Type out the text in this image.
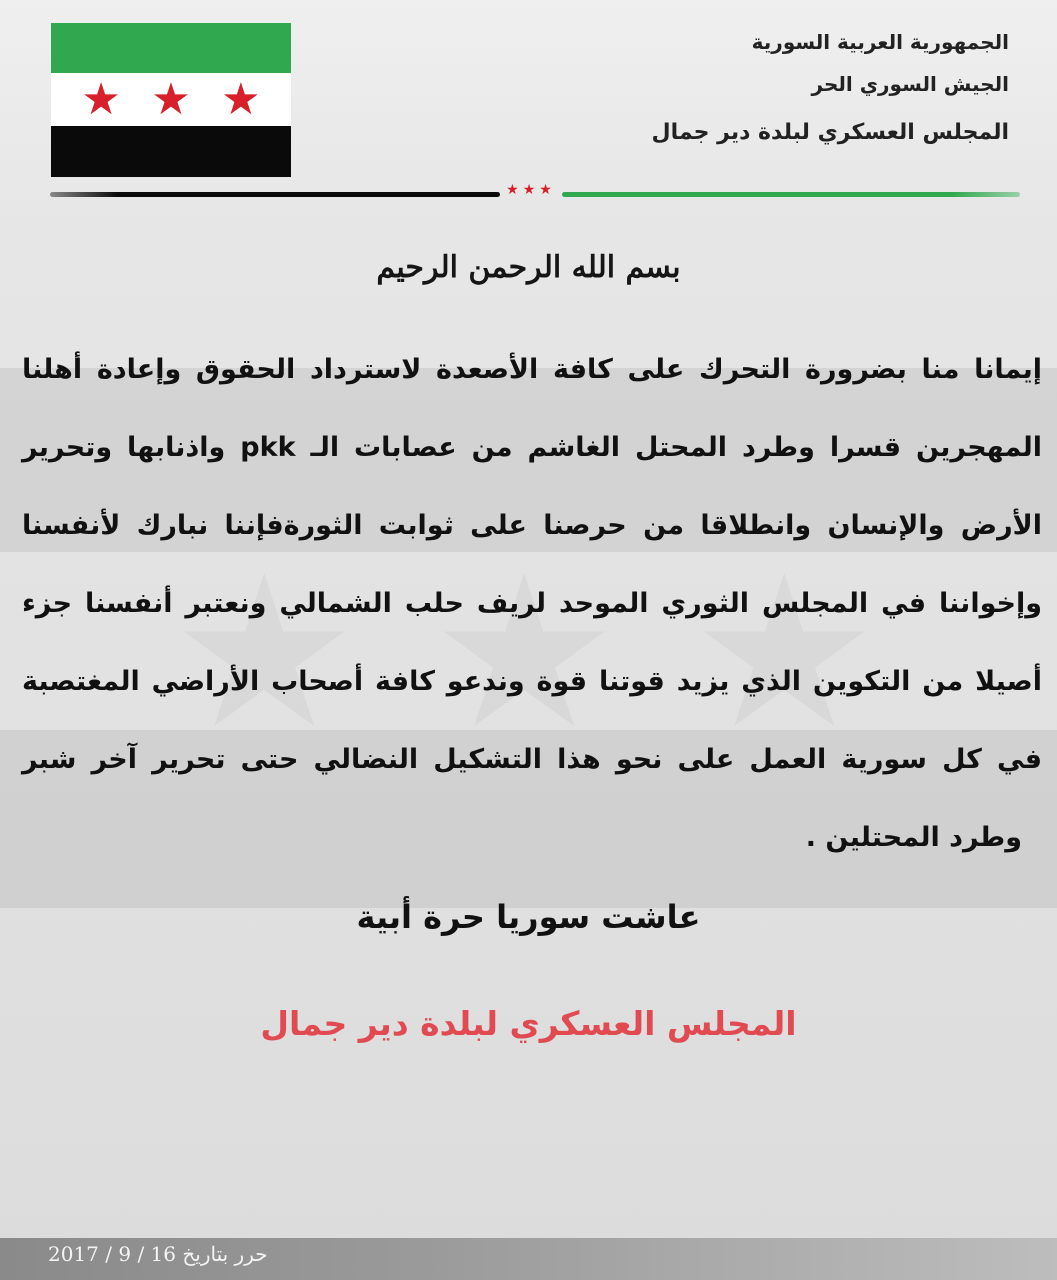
★ ★ ★
★ ★ ★
الجمهورية العربية السورية
الجيش السوري الحر
المجلس العسكري لبلدة دير جمال
★★★
بسم الله الرحمن الرحيم
إيمانا منا بضرورة التحرك على كافة الأصعدة لاسترداد الحقوق وإعادة أهلنا
المهجرين قسرا وطرد المحتل الغاشم من عصابات الـ pkk واذنابها وتحرير
الأرض والإنسان وانطلاقا من حرصنا على ثوابت الثورةفإننا نبارك لأنفسنا
وإخواننا في المجلس الثوري الموحد لريف حلب الشمالي ونعتبر أنفسنا جزء
أصيلا من التكوين الذي يزيد قوتنا قوة وندعو كافة أصحاب الأراضي المغتصبة
في كل سورية العمل على نحو هذا التشكيل النضالي حتى تحرير آخر شبر
وطرد المحتلين .
عاشت سوريا حرة أبية
المجلس العسكري لبلدة دير جمال
حرر بتاريخ 16 / 9 / 2017
